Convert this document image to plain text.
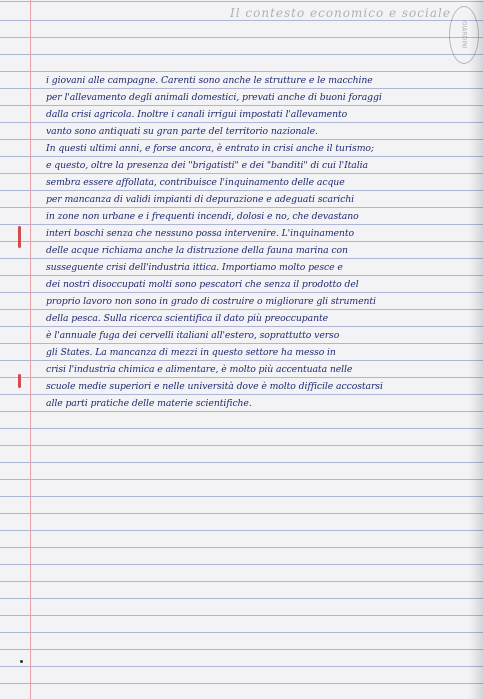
Il contesto economico e sociale
GIARDINI
i giovani alle campagne. Carenti sono anche le strutture e le macchine
per l'allevamento degli animali domestici, prevati anche di buoni foraggi
dalla crisi agricola. Inoltre i canali irrigui impostati l'allevamento
vanto sono antiquati su gran parte del territorio nazionale.
In questi ultimi anni, e forse ancora, è entrato in crisi anche il turismo;
e questo, oltre la presenza dei "brigatisti" e dei "banditi" di cui l'Italia
sembra essere affollata, contribuisce l'inquinamento delle acque
per mancanza di validi impianti di depurazione e adeguati scarichi
in zone non urbane e i frequenti incendi, dolosi e no, che devastano
interi boschi senza che nessuno possa intervenire. L'inquinamento
delle acque richiama anche la distruzione della fauna marina con
susseguente crisi dell'industria ittica. Importiamo molto pesce e
dei nostri disoccupati molti sono pescatori che senza il prodotto del
proprio lavoro non sono in grado di costruire o migliorare gli strumenti
della pesca. Sulla ricerca scientifica il dato più preoccupante
è l'annuale fuga dei cervelli italiani all'estero, soprattutto verso
gli States. La mancanza di mezzi in questo settore ha messo in
crisi l'industria chimica e alimentare, è molto più accentuata nelle
scuole medie superiori e nelle università dove è molto difficile accostarsi
alle parti pratiche delle materie scientifiche.
